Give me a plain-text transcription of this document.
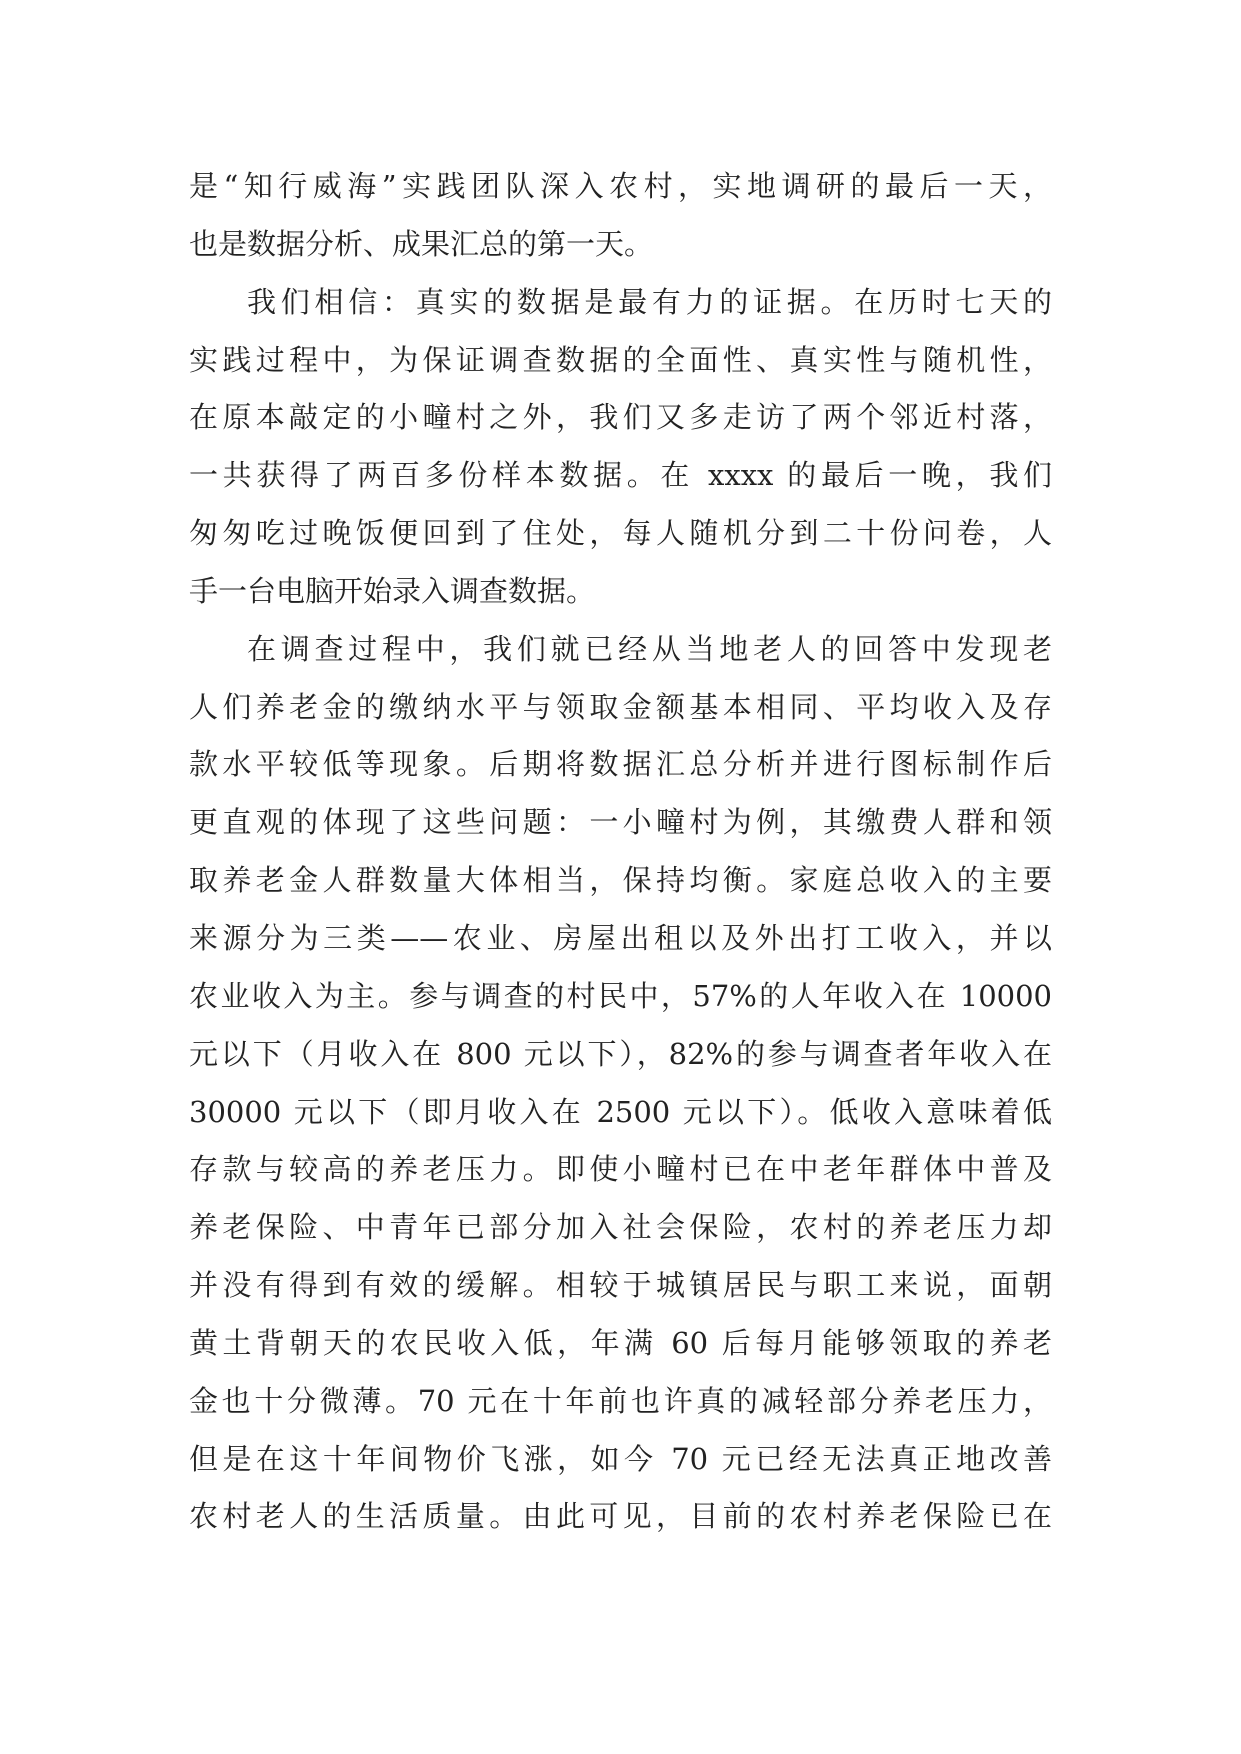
是“知行威海”实践团队深入农村，实地调研的最后一天，
也是数据分析、成果汇总的第一天。
我们相信：真实的数据是最有力的证据。在历时七天的
实践过程中，为保证调查数据的全面性、真实性与随机性，
在原本敲定的小疃村之外，我们又多走访了两个邻近村落，
一共获得了两百多份样本数据。在 xxxx 的最后一晚，我们
匆匆吃过晚饭便回到了住处，每人随机分到二十份问卷，人
手一台电脑开始录入调查数据。
在调查过程中，我们就已经从当地老人的回答中发现老
人们养老金的缴纳水平与领取金额基本相同、平均收入及存
款水平较低等现象。后期将数据汇总分析并进行图标制作后
更直观的体现了这些问题：一小疃村为例，其缴费人群和领
取养老金人群数量大体相当，保持均衡。家庭总收入的主要
来源分为三类——农业、房屋出租以及外出打工收入，并以
农业收入为主。参与调查的村民中，57%的人年收入在 10000
元以下（月收入在 800 元以下），82%的参与调查者年收入在
30000 元以下（即月收入在 2500 元以下）。低收入意味着低
存款与较高的养老压力。即使小疃村已在中老年群体中普及
养老保险、中青年已部分加入社会保险，农村的养老压力却
并没有得到有效的缓解。相较于城镇居民与职工来说，面朝
黄土背朝天的农民收入低，年满 60 后每月能够领取的养老
金也十分微薄。70 元在十年前也许真的减轻部分养老压力，
但是在这十年间物价飞涨，如今 70 元已经无法真正地改善
农村老人的生活质量。由此可见，目前的农村养老保险已在
